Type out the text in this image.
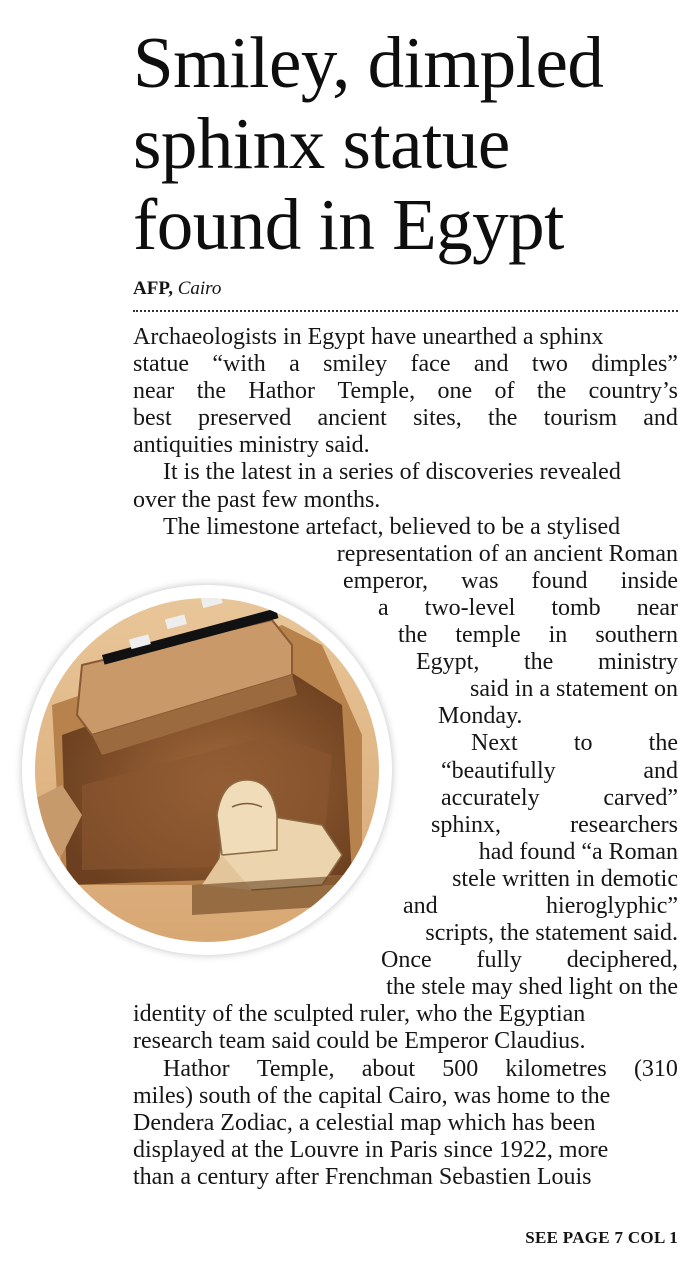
Smiley, dimpled
sphinx statue
found in Egypt
AFP, Cairo
Archaeologists in Egypt have unearthed a sphinx
statue “with a smiley face and two dimples”
near the Hathor Temple, one of the country’s
best preserved ancient sites, the tourism and
antiquities ministry said.
It is the latest in a series of discoveries revealed
over the past few months.
The limestone artefact, believed to be a stylised
representation of an ancient Roman
emperor, was found inside
a two-level tomb near
the temple in southern
Egypt, the ministry
said in a statement on
Monday.
Next to the
“beautifully	and
accurately	carved”
sphinx,	researchers
had found “a Roman
stele written in demotic
and	hieroglyphic”
scripts, the statement said.
Once fully deciphered,
the stele may shed light on the
identity of the sculpted ruler, who the Egyptian
research team said could be Emperor Claudius.
Hathor Temple, about 500 kilometres (310
miles) south of the capital Cairo, was home to the
Dendera Zodiac, a celestial map which has been
displayed at the Louvre in Paris since 1922, more
than a century after Frenchman Sebastien Louis
SEE PAGE 7 COL 1
